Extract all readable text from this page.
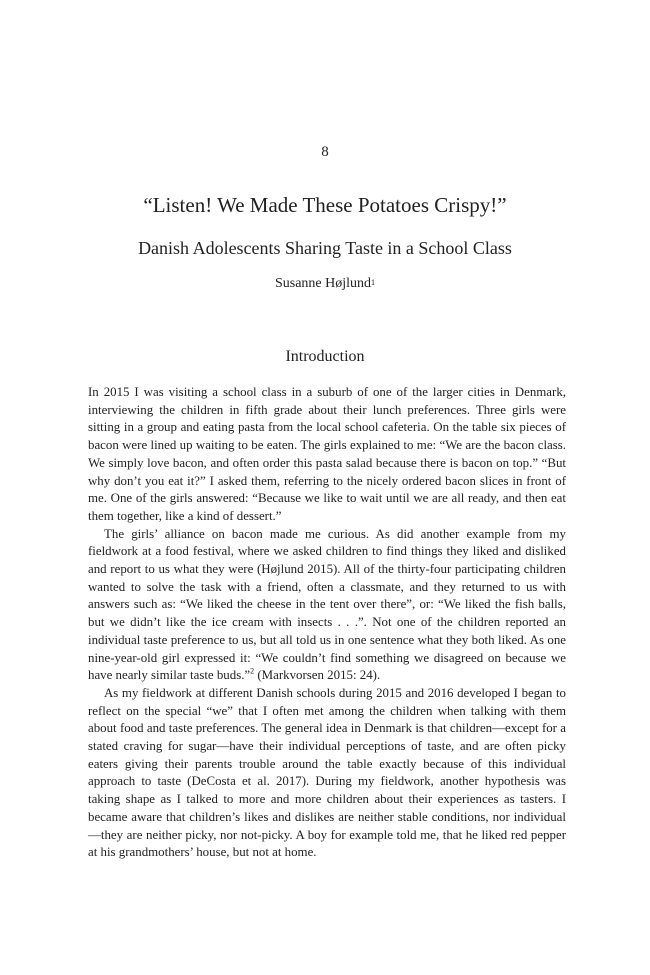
8
“Listen! We Made These Potatoes Crispy!”
Danish Adolescents Sharing Taste in a School Class
Susanne Højlund$^1$
Introduction

In 2015 I was visiting a school class in a suburb of one of the larger cities in Denmark, interviewing the children in fifth grade about their lunch preferences. Three girls were sitting in a group and eating pasta from the local school cafeteria. On the table six pieces of bacon were lined up waiting to be eaten. The girls explained to me: “We are the bacon class. We simply love bacon, and often order this pasta salad because there is bacon on top.” “But why don’t you eat it?” I asked them, referring to the nicely ordered bacon slices in front of me. One of the girls answered: “Because we like to wait until we are all ready, and then eat them together, like a kind of dessert.”

The girls’ alliance on bacon made me curious. As did another example from my fieldwork at a food festival, where we asked children to find things they liked and disliked and report to us what they were (Højlund 2015). All of the thirty-four participating children wanted to solve the task with a friend, often a classmate, and they returned to us with answers such as: “We liked the cheese in the tent over there”, or: “We liked the fish balls, but we didn’t like the ice cream with insects . . .”. Not one of the children reported an individual taste preference to us, but all told us in one sentence what they both liked. As one nine-year-old girl expressed it: “We couldn’t find something we disagreed on because we have nearly similar taste buds.”$^2$ (Markvorsen 2015: 24).

As my fieldwork at different Danish schools during 2015 and 2016 developed I began to reflect on the special “we” that I often met among the children when talking with them about food and taste preferences. The general idea in Denmark is that children—except for a stated craving for sugar—have their individual perceptions of taste, and are often picky eaters giving their parents trouble around the table exactly because of this individual approach to taste (DeCosta et al. 2017). During my fieldwork, another hypothesis was taking shape as I talked to more and more children about their experiences as tasters. I became aware that children’s likes and dislikes are neither stable conditions, nor individual—they are neither picky, nor not-picky. A boy for example told me, that he liked red pepper at his grandmothers’ house, but not at home.
